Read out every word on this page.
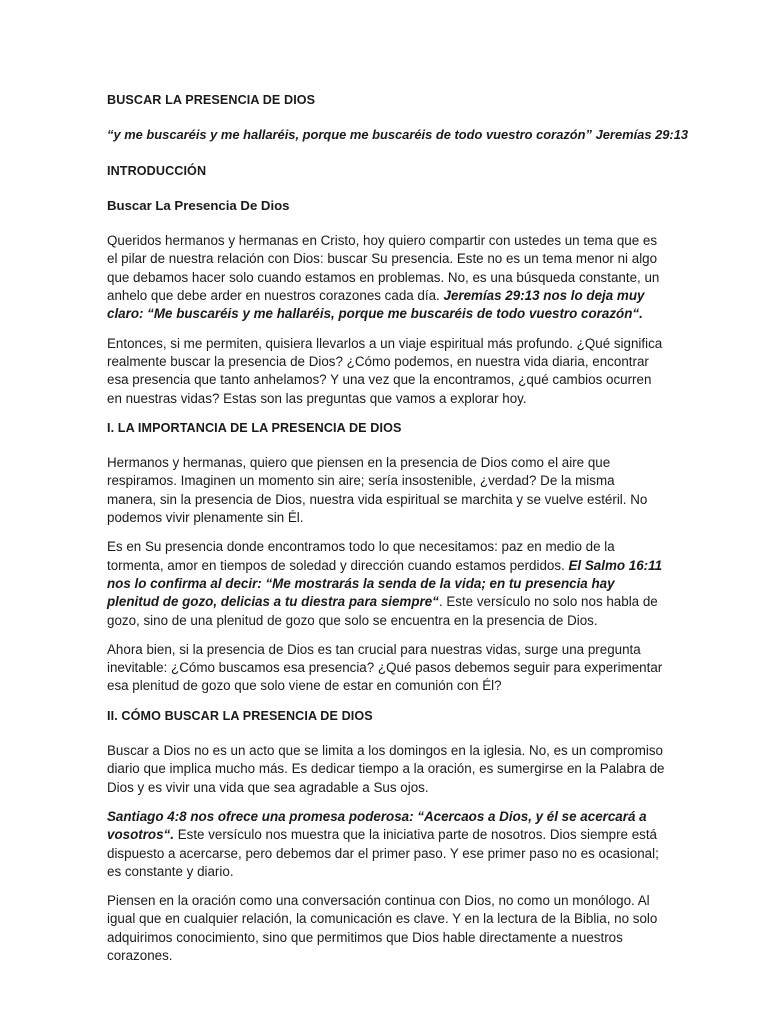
BUSCAR LA PRESENCIA DE DIOS

“y me buscaréis y me hallaréis, porque me buscaréis de todo vuestro corazón” Jeremías 29:13

INTRODUCCIÓN

Buscar La Presencia De Dios

Queridos hermanos y hermanas en Cristo, hoy quiero compartir con ustedes un tema que es el pilar de nuestra relación con Dios: buscar Su presencia. Este no es un tema menor ni algo que debamos hacer solo cuando estamos en problemas. No, es una búsqueda constante, un anhelo que debe arder en nuestros corazones cada día. Jeremías 29:13 nos lo deja muy claro: “Me buscaréis y me hallaréis, porque me buscaréis de todo vuestro corazón“.

Entonces, si me permiten, quisiera llevarlos a un viaje espiritual más profundo. ¿Qué significa realmente buscar la presencia de Dios? ¿Cómo podemos, en nuestra vida diaria, encontrar esa presencia que tanto anhelamos? Y una vez que la encontramos, ¿qué cambios ocurren en nuestras vidas? Estas son las preguntas que vamos a explorar hoy.

I. LA IMPORTANCIA DE LA PRESENCIA DE DIOS

Hermanos y hermanas, quiero que piensen en la presencia de Dios como el aire que respiramos. Imaginen un momento sin aire; sería insostenible, ¿verdad? De la misma manera, sin la presencia de Dios, nuestra vida espiritual se marchita y se vuelve estéril. No podemos vivir plenamente sin Él.

Es en Su presencia donde encontramos todo lo que necesitamos: paz en medio de la tormenta, amor en tiempos de soledad y dirección cuando estamos perdidos. El Salmo 16:11 nos lo confirma al decir: “Me mostrarás la senda de la vida; en tu presencia hay plenitud de gozo, delicias a tu diestra para siempre“. Este versículo no solo nos habla de gozo, sino de una plenitud de gozo que solo se encuentra en la presencia de Dios.

Ahora bien, si la presencia de Dios es tan crucial para nuestras vidas, surge una pregunta inevitable: ¿Cómo buscamos esa presencia? ¿Qué pasos debemos seguir para experimentar esa plenitud de gozo que solo viene de estar en comunión con Él?

II. CÓMO BUSCAR LA PRESENCIA DE DIOS

Buscar a Dios no es un acto que se limita a los domingos en la iglesia. No, es un compromiso diario que implica mucho más. Es dedicar tiempo a la oración, es sumergirse en la Palabra de Dios y es vivir una vida que sea agradable a Sus ojos.

Santiago 4:8 nos ofrece una promesa poderosa: “Acercaos a Dios, y él se acercará a vosotros“. Este versículo nos muestra que la iniciativa parte de nosotros. Dios siempre está dispuesto a acercarse, pero debemos dar el primer paso. Y ese primer paso no es ocasional; es constante y diario.

Piensen en la oración como una conversación continua con Dios, no como un monólogo. Al igual que en cualquier relación, la comunicación es clave. Y en la lectura de la Biblia, no solo adquirimos conocimiento, sino que permitimos que Dios hable directamente a nuestros corazones.
